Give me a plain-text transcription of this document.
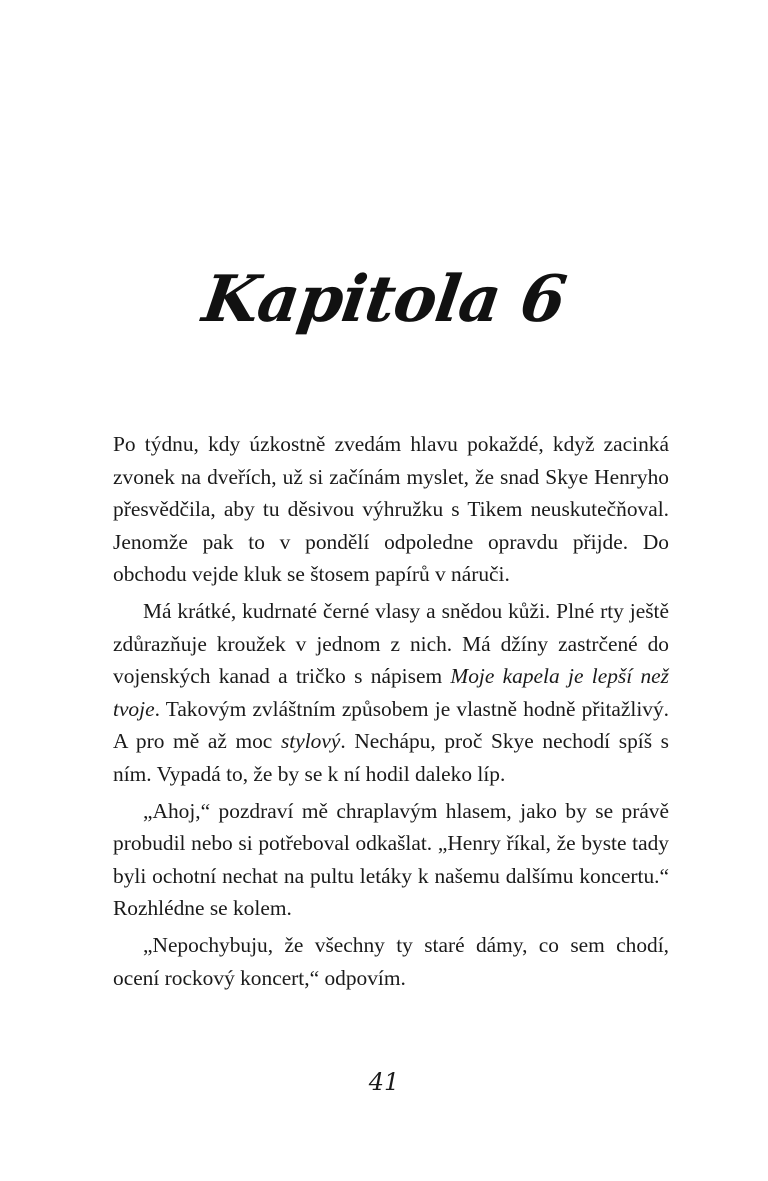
Kapitola 6

Po týdnu, kdy úzkostně zvedám hlavu pokaždé, když zacinká zvonek na dveřích, už si začínám myslet, že snad Skye Henryho přesvědčila, aby tu děsivou výhružku s Tikem neuskutečňoval. Jenomže pak to v pondělí odpoledne opravdu přijde. Do obchodu vejde kluk se štosem papírů v náruči.

Má krátké, kudrnaté černé vlasy a snědou kůži. Plné rty ještě zdůrazňuje kroužek v jednom z nich. Má džíny zastrčené do vojenských kanad a tričko s nápisem Moje kapela je lepší než tvoje. Takovým zvláštním způsobem je vlastně hodně přitažlivý. A pro mě až moc stylový. Nechápu, proč Skye nechodí spíš s ním. Vypadá to, že by se k ní hodil daleko líp.

„Ahoj,“ pozdraví mě chraplavým hlasem, jako by se právě probudil nebo si potřeboval odkašlat. „Henry říkal, že byste tady byli ochotní nechat na pultu letáky k našemu dalšímu koncertu.“ Rozhlédne se kolem.

„Nepochybuju, že všechny ty staré dámy, co sem chodí, ocení rockový koncert,“ odpovím.

41
